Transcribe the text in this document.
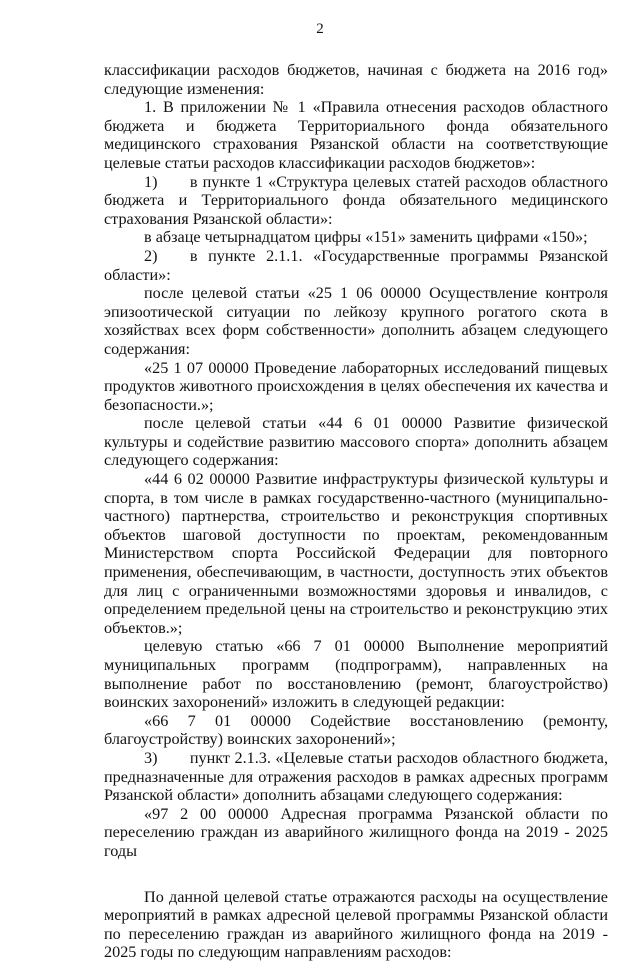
2

классификации расходов бюджетов, начиная с бюджета на 2016 год» следующие изменения:

1. В приложении № 1 «Правила отнесения расходов областного бюджета и бюджета Территориального фонда обязательного медицинского страхования Рязанской области на соответствующие целевые статьи расходов классификации расходов бюджетов»:

1)  в пункте 1 «Структура целевых статей расходов областного бюджета и Территориального фонда обязательного медицинского страхования Рязанской области»:

в абзаце четырнадцатом цифры «151» заменить цифрами «150»;

2)  в пункте 2.1.1. «Государственные программы Рязанской области»:

после целевой статьи «25 1 06 00000 Осуществление контроля эпизоотической ситуации по лейкозу крупного рогатого скота в хозяйствах всех форм собственности» дополнить абзацем следующего содержания:

«25 1 07 00000 Проведение лабораторных исследований пищевых продуктов животного происхождения в целях обеспечения их качества и безопасности.»;

после целевой статьи «44 6 01 00000 Развитие физической культуры и содействие развитию массового спорта» дополнить абзацем следующего содержания:

«44 6 02 00000 Развитие инфраструктуры физической культуры и спорта, в том числе в рамках государственно-частного (муниципально-частного) партнерства, строительство и реконструкция спортивных объектов шаговой доступности по проектам, рекомендованным Министерством спорта Российской Федерации для повторного применения, обеспечивающим, в частности, доступность этих объектов для лиц с ограниченными возможностями здоровья и инвалидов, с определением предельной цены на строительство и реконструкцию этих объектов.»;

целевую статью «66 7 01 00000 Выполнение мероприятий муниципальных программ (подпрограмм), направленных на выполнение работ по восстановлению (ремонт, благоустройство) воинских захоронений» изложить в следующей редакции:

«66 7 01 00000 Содействие восстановлению (ремонту, благоустройству) воинских захоронений»;

3)  пункт 2.1.3. «Целевые статьи расходов областного бюджета, предназначенные для отражения расходов в рамках адресных программ Рязанской области» дополнить абзацами следующего содержания:

«97 2 00 00000 Адресная программа Рязанской области по переселению граждан из аварийного жилищного фонда на 2019 - 2025 годы

По данной целевой статье отражаются расходы на осуществление мероприятий в рамках адресной целевой программы Рязанской области по переселению граждан из аварийного жилищного фонда на 2019 - 2025 годы по следующим направлениям расходов:
